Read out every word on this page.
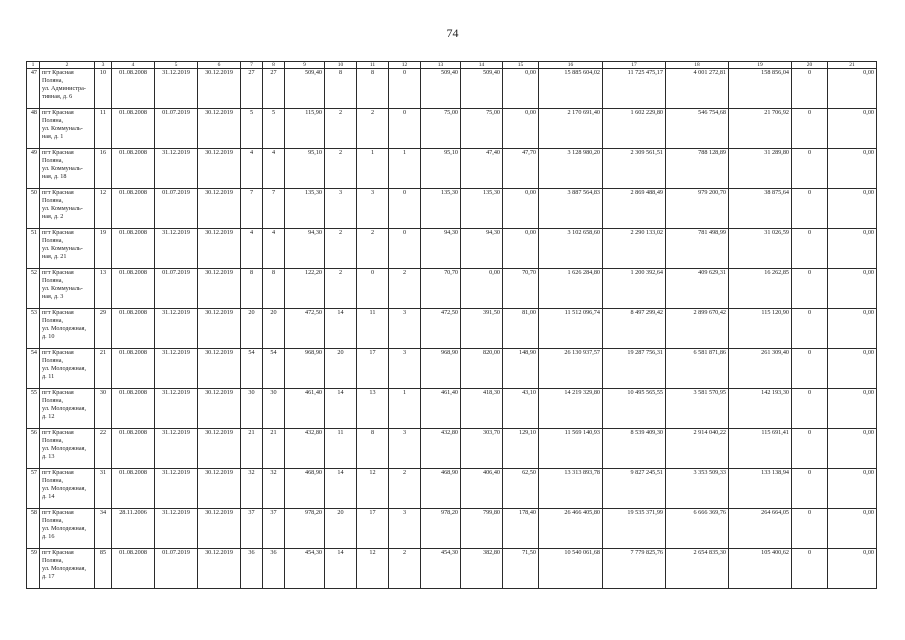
74
1	2	3	4	5	6	7	8	9	10	11	12	13	14	15	16	17	18	19	20	21
47	пгт Красная
Поляна,
ул. Администра-
тивная, д. 6	10	01.08.2008	31.12.2019	30.12.2019	27	27	509,40	8	8	0	509,40	509,40	0,00	15 885 604,02	11 725 475,17	4 001 272,81	158 856,04	0	0,00
48	пгт Красная
Поляна,
ул. Коммуналь-
ная, д. 1	11	01.08.2008	01.07.2019	30.12.2019	5	5	115,90	2	2	0	75,00	75,00	0,00	2 170 691,40	1 602 229,80	546 754,68	21 706,92	0	0,00
49	пгт Красная
Поляна,
ул. Коммуналь-
ная, д. 18	16	01.08.2008	31.12.2019	30.12.2019	4	4	95,10	2	1	1	95,10	47,40	47,70	3 128 980,20	2 309 561,51	788 128,89	31 289,80	0	0,00
50	пгт Красная
Поляна,
ул. Коммуналь-
ная, д. 2	12	01.08.2008	01.07.2019	30.12.2019	7	7	135,30	3	3	0	135,30	135,30	0,00	3 887 564,83	2 869 488,49	979 200,70	38 875,64	0	0,00
51	пгт Красная
Поляна,
ул. Коммуналь-
ная, д. 21	19	01.08.2008	31.12.2019	30.12.2019	4	4	94,30	2	2	0	94,30	94,30	0,00	3 102 658,60	2 290 133,02	781 498,99	31 026,59	0	0,00
52	пгт Красная
Поляна,
ул. Коммуналь-
ная, д. 3	13	01.08.2008	01.07.2019	30.12.2019	8	8	122,20	2	0	2	70,70	0,00	70,70	1 626 284,80	1 200 392,64	409 629,31	16 262,85	0	0,00
53	пгт Красная
Поляна,
ул. Молодежная,
д. 10	29	01.08.2008	31.12.2019	30.12.2019	20	20	472,50	14	11	3	472,50	391,50	81,00	11 512 096,74	8 497 299,42	2 899 670,42	115 120,90	0	0,00
54	пгт Красная
Поляна,
ул. Молодежная,
д. 11	21	01.08.2008	31.12.2019	30.12.2019	54	54	968,90	20	17	3	968,90	820,00	148,90	26 130 937,57	19 287 756,31	6 581 871,86	261 309,40	0	0,00
55	пгт Красная
Поляна,
ул. Молодежная,
д. 12	30	01.08.2008	31.12.2019	30.12.2019	30	30	461,40	14	13	1	461,40	418,30	43,10	14 219 329,80	10 495 565,55	3 581 570,95	142 193,30	0	0,00
56	пгт Красная
Поляна,
ул. Молодежная,
д. 13	22	01.08.2008	31.12.2019	30.12.2019	21	21	432,80	11	8	3	432,80	303,70	129,10	11 569 140,93	8 539 409,30	2 914 040,22	115 691,41	0	0,00
57	пгт Красная
Поляна,
ул. Молодежная,
д. 14	31	01.08.2008	31.12.2019	30.12.2019	32	32	468,90	14	12	2	468,90	406,40	62,50	13 313 893,78	9 827 245,51	3 353 509,33	133 138,94	0	0,00
58	пгт Красная
Поляна,
ул. Молодежная,
д. 16	34	28.11.2006	31.12.2019	30.12.2019	37	37	978,20	20	17	3	978,20	799,80	178,40	26 466 405,80	19 535 371,99	6 666 369,76	264 664,05	0	0,00
59	пгт Красная
Поляна,
ул. Молодежная,
д. 17	85	01.08.2008	01.07.2019	30.12.2019	36	36	454,30	14	12	2	454,30	382,80	71,50	10 540 061,68	7 779 825,76	2 654 835,30	105 400,62	0	0,00
